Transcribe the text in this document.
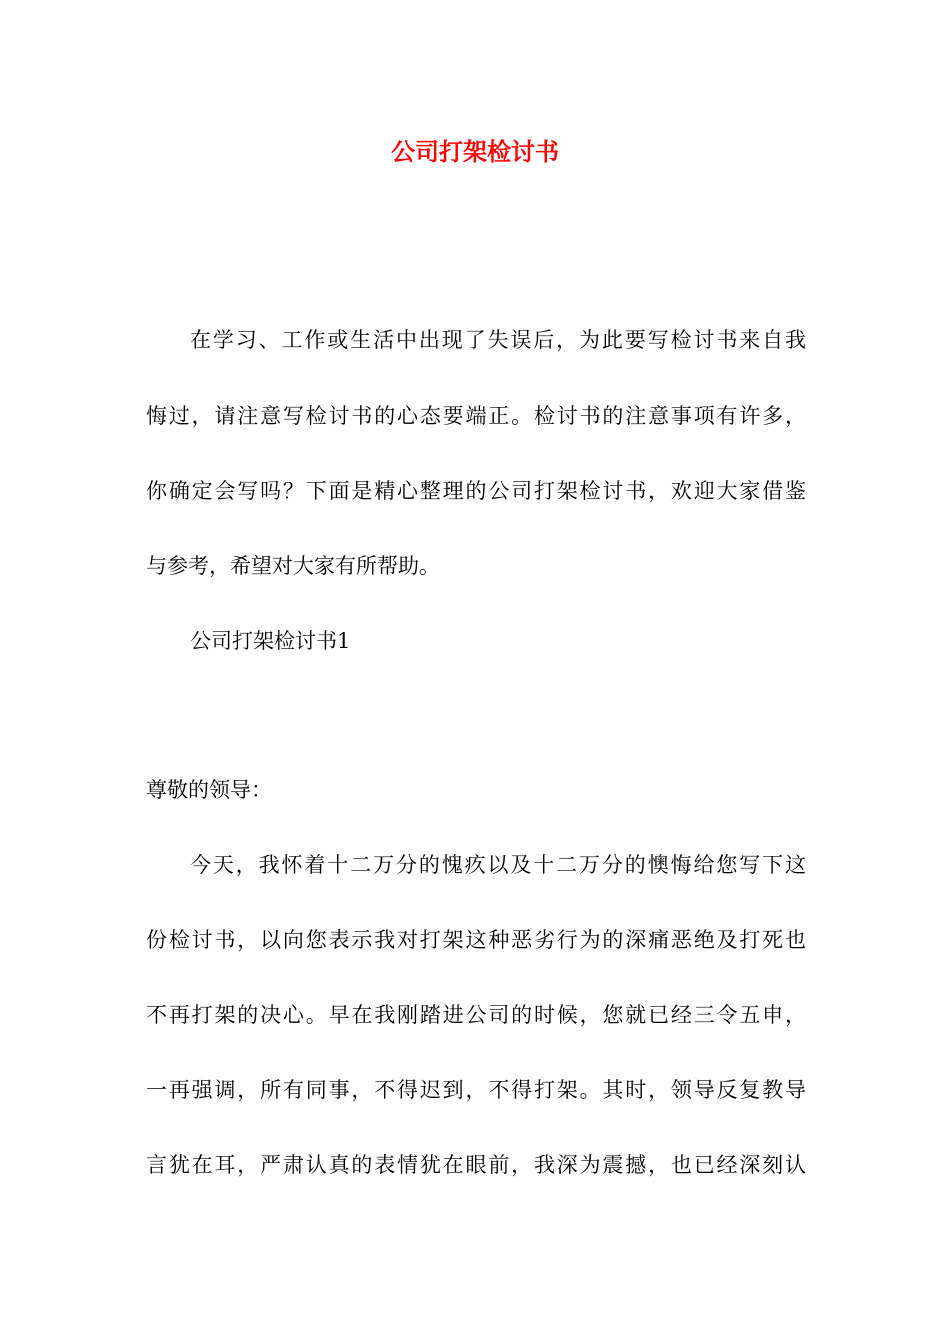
公司打架检讨书
在学习、工作或生活中出现了失误后，为此要写检讨书来自我
悔过，请注意写检讨书的心态要端正。检讨书的注意事项有许多，
你确定会写吗？下面是精心整理的公司打架检讨书，欢迎大家借鉴
与参考，希望对大家有所帮助。
公司打架检讨书1
尊敬的领导：
今天，我怀着十二万分的愧疚以及十二万分的懊悔给您写下这
份检讨书，以向您表示我对打架这种恶劣行为的深痛恶绝及打死也
不再打架的决心。早在我刚踏进公司的时候，您就已经三令五申，
一再强调，所有同事，不得迟到，不得打架。其时，领导反复教导
言犹在耳，严肃认真的表情犹在眼前，我深为震撼，也已经深刻认
